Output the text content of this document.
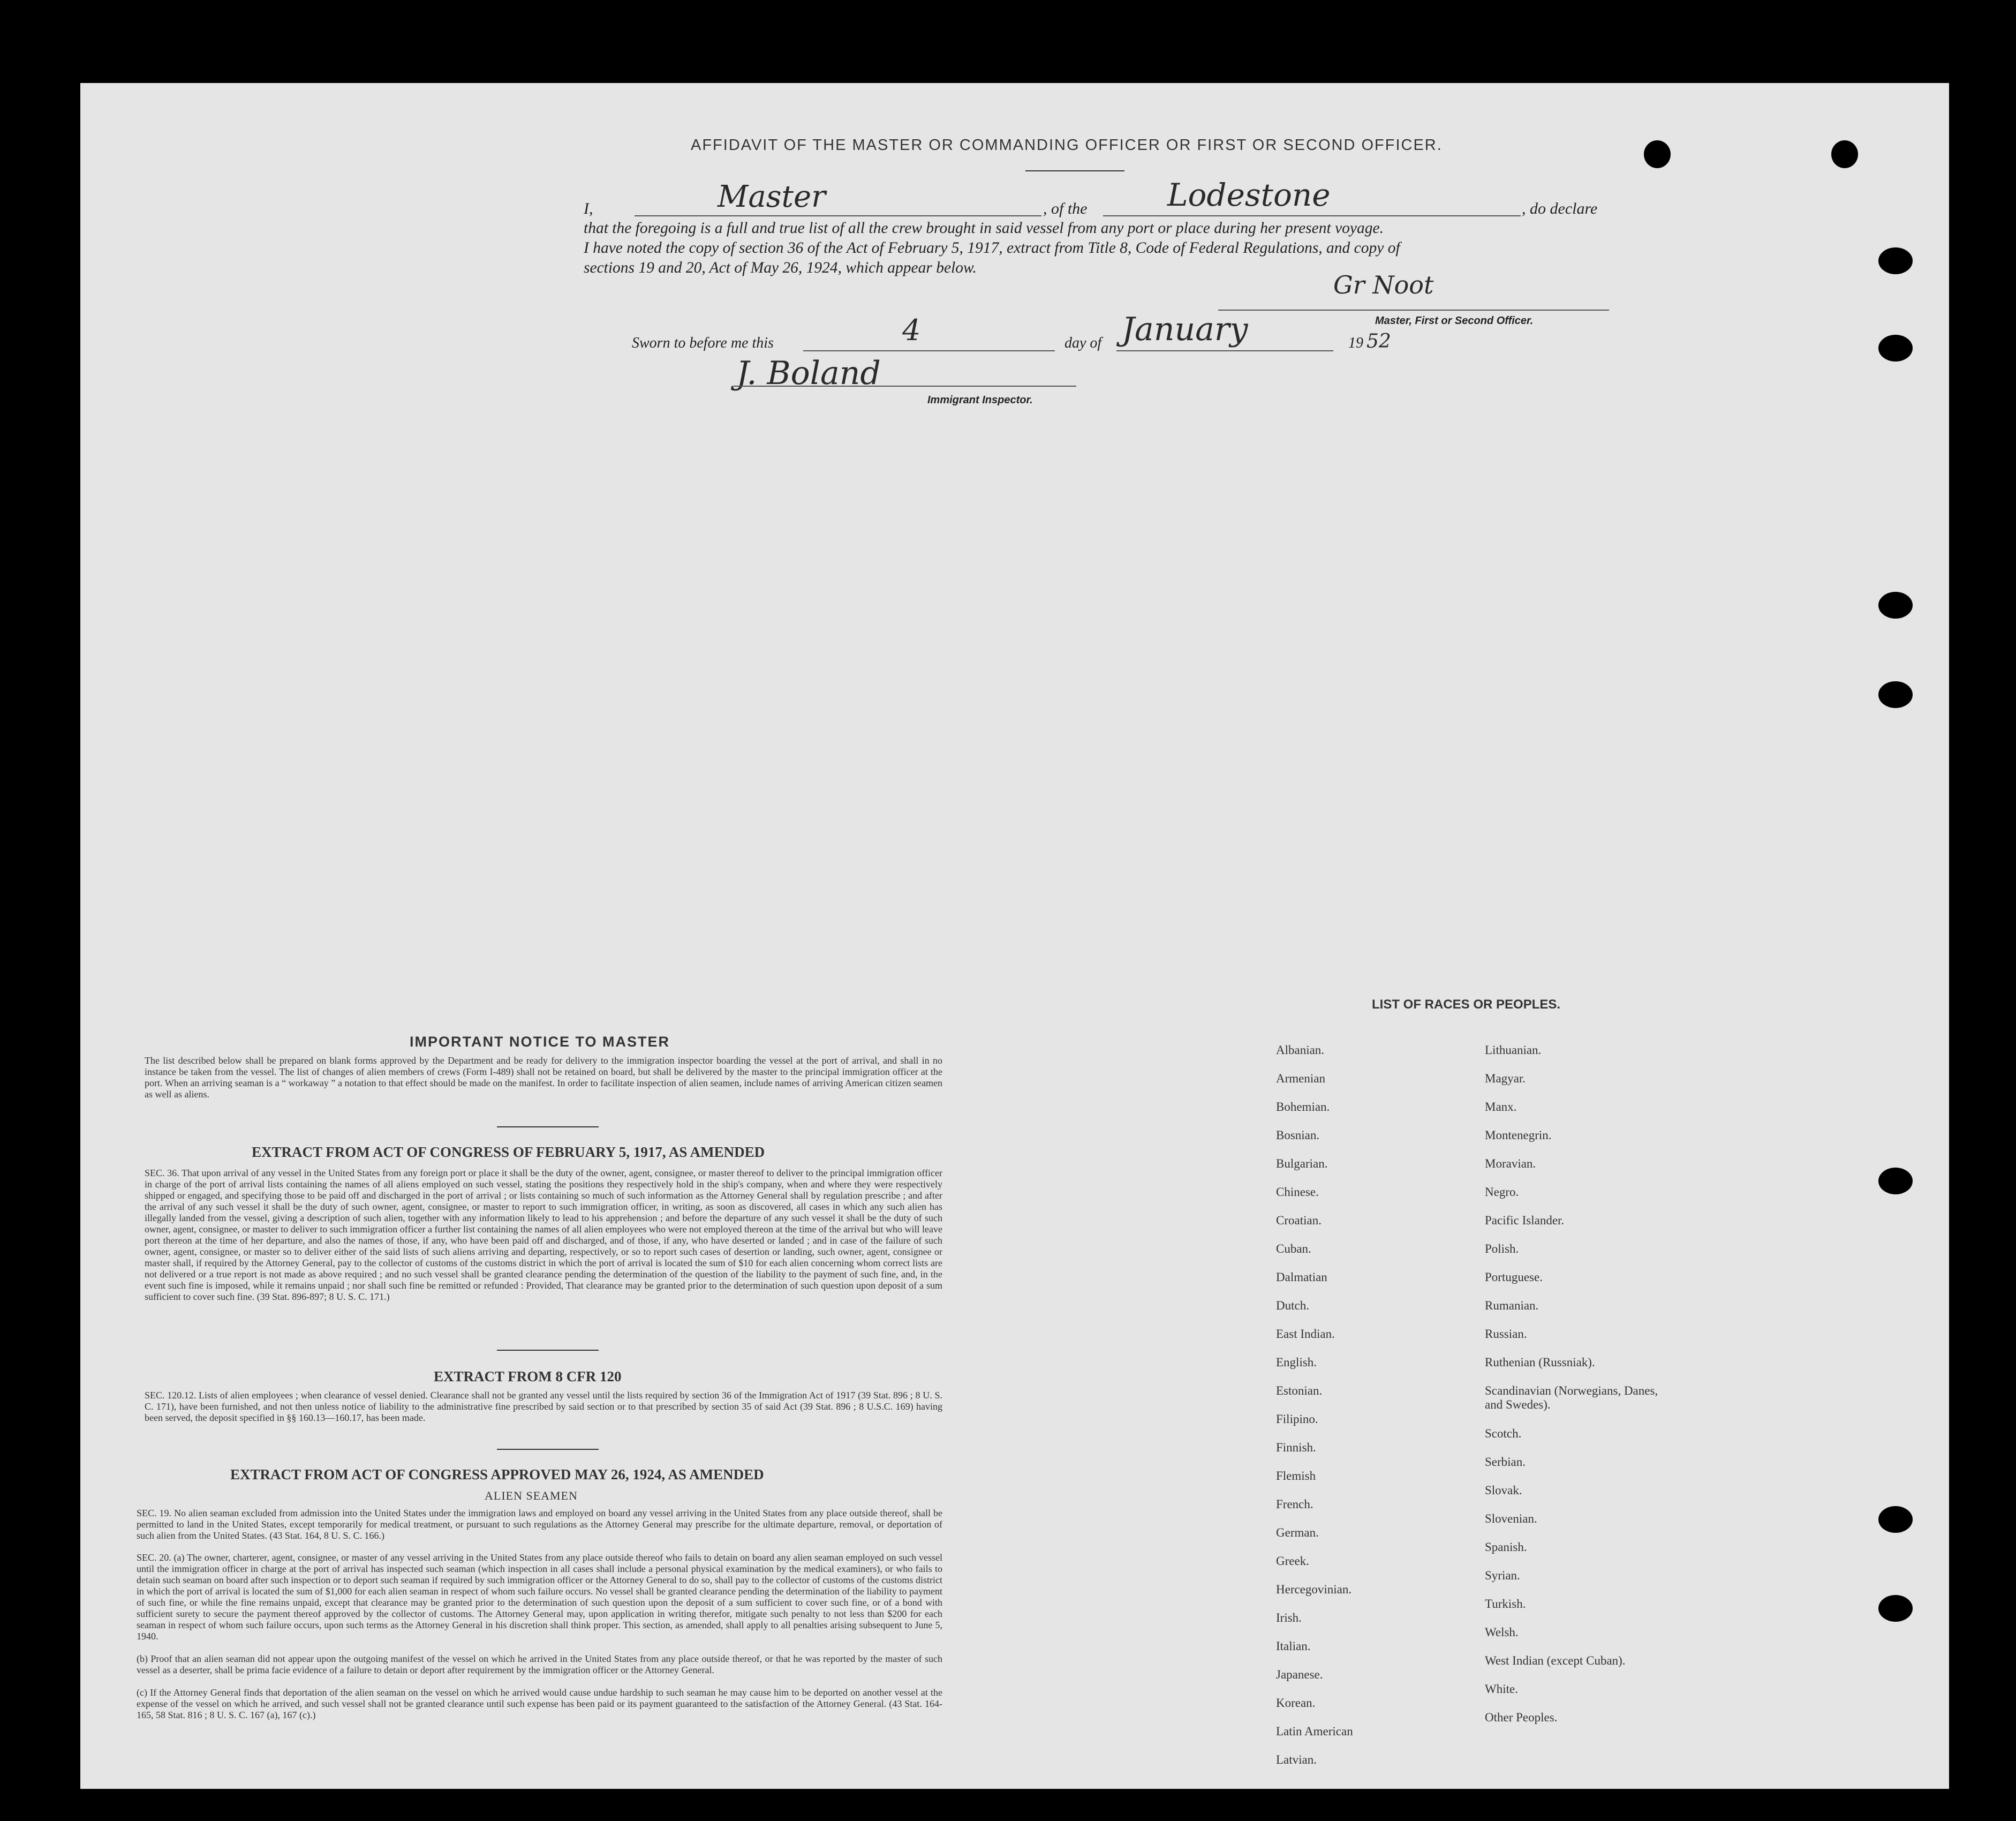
AFFIDAVIT OF THE MASTER OR COMMANDING OFFICER OR FIRST OR SECOND OFFICER.
I,	Master	, of the	Lodestone	, do declare
that the foregoing is a full and true list of all the crew brought in said vessel from any port or place during her present voyage.
I have noted the copy of section 36 of the Act of February 5, 1917, extract from Title 8, Code of Federal Regulations, and copy of
sections 19 and 20, Act of May 26, 1924, which appear below.
Gr Noot
Master, First or Second Officer.
Sworn to before me this	4	day of January	19 52
J. Boland
Immigrant Inspector.
IMPORTANT NOTICE TO MASTER
The list described below shall be prepared on blank forms approved by the Department and be ready for delivery to the immigration inspector boarding the vessel at the port of arrival, and shall in no instance be taken from the vessel. The list of changes of alien members of crews (Form I-489) shall not be retained on board, but shall be delivered by the master to the principal immigration officer at the port. When an arriving seaman is a “ workaway ” a notation to that effect should be made on the manifest. In order to facilitate inspection of alien seamen, include names of arriving American citizen seamen as well as aliens.
EXTRACT FROM ACT OF CONGRESS OF FEBRUARY 5, 1917, AS AMENDED
SEC. 36. That upon arrival of any vessel in the United States from any foreign port or place it shall be the duty of the owner, agent, consignee, or master thereof to deliver to the principal immigration officer in charge of the port of arrival lists containing the names of all aliens employed on such vessel, stating the positions they respectively hold in the ship's company, when and where they were respectively shipped or engaged, and specifying those to be paid off and discharged in the port of arrival ; or lists containing so much of such information as the Attorney General shall by regulation prescribe ; and after the arrival of any such vessel it shall be the duty of such owner, agent, consignee, or master to report to such immigration officer, in writing, as soon as discovered, all cases in which any such alien has illegally landed from the vessel, giving a description of such alien, together with any information likely to lead to his apprehension ; and before the departure of any such vessel it shall be the duty of such owner, agent, consignee, or master to deliver to such immigration officer a further list containing the names of all alien employees who were not employed thereon at the time of the arrival but who will leave port thereon at the time of her departure, and also the names of those, if any, who have been paid off and discharged, and of those, if any, who have deserted or landed ; and in case of the failure of such owner, agent, consignee, or master so to deliver either of the said lists of such aliens arriving and departing, respectively, or so to report such cases of desertion or landing, such owner, agent, consignee or master shall, if required by the Attorney General, pay to the collector of customs of the customs district in which the port of arrival is located the sum of $10 for each alien concerning whom correct lists are not delivered or a true report is not made as above required ; and no such vessel shall be granted clearance pending the determination of the question of the liability to the payment of such fine, and, in the event such fine is imposed, while it remains unpaid ; nor shall such fine be remitted or refunded : Provided, That clearance may be granted prior to the determination of such question upon deposit of a sum sufficient to cover such fine. (39 Stat. 896-897; 8 U. S. C. 171.)
EXTRACT FROM 8 CFR 120
SEC. 120.12. Lists of alien employees ; when clearance of vessel denied. Clearance shall not be granted any vessel until the lists required by section 36 of the Immigration Act of 1917 (39 Stat. 896 ; 8 U. S. C. 171), have been furnished, and not then unless notice of liability to the administrative fine prescribed by said section or to that prescribed by section 35 of said Act (39 Stat. 896 ; 8 U.S.C. 169) having been served, the deposit specified in §§ 160.13—160.17, has been made.
EXTRACT FROM ACT OF CONGRESS APPROVED MAY 26, 1924, AS AMENDED
ALIEN SEAMEN
SEC. 19. No alien seaman excluded from admission into the United States under the immigration laws and employed on board any vessel arriving in the United States from any place outside thereof, shall be permitted to land in the United States, except temporarily for medical treatment, or pursuant to such regulations as the Attorney General may prescribe for the ultimate departure, removal, or deportation of such alien from the United States. (43 Stat. 164, 8 U. S. C. 166.)
SEC. 20. (a) The owner, charterer, agent, consignee, or master of any vessel arriving in the United States from any place outside thereof who fails to detain on board any alien seaman employed on such vessel until the immigration officer in charge at the port of arrival has inspected such seaman (which inspection in all cases shall include a personal physical examination by the medical examiners), or who fails to detain such seaman on board after such inspection or to deport such seaman if required by such immigration officer or the Attorney General to do so, shall pay to the collector of customs of the customs district in which the port of arrival is located the sum of $1,000 for each alien seaman in respect of whom such failure occurs. No vessel shall be granted clearance pending the determination of the liability to payment of such fine, or while the fine remains unpaid, except that clearance may be granted prior to the determination of such question upon the deposit of a sum sufficient to cover such fine, or of a bond with sufficient surety to secure the payment thereof approved by the collector of customs. The Attorney General may, upon application in writing therefor, mitigate such penalty to not less than $200 for each seaman in respect of whom such failure occurs, upon such terms as the Attorney General in his discretion shall think proper. This section, as amended, shall apply to all penalties arising subsequent to June 5, 1940.
(b) Proof that an alien seaman did not appear upon the outgoing manifest of the vessel on which he arrived in the United States from any place outside thereof, or that he was reported by the master of such vessel as a deserter, shall be prima facie evidence of a failure to detain or deport after requirement by the immigration officer or the Attorney General.
(c) If the Attorney General finds that deportation of the alien seaman on the vessel on which he arrived would cause undue hardship to such seaman he may cause him to be deported on another vessel at the expense of the vessel on which he arrived, and such vessel shall not be granted clearance until such expense has been paid or its payment guaranteed to the satisfaction of the Attorney General. (43 Stat. 164-165, 58 Stat. 816 ; 8 U. S. C. 167 (a), 167 (c).)
LIST OF RACES OR PEOPLES.
Albanian.
Armenian
Bohemian.
Bosnian.
Bulgarian.
Chinese.
Croatian.
Cuban.
Dalmatian
Dutch.
East Indian.
English.
Estonian.
Filipino.
Finnish.
Flemish
French.
German.
Greek.
Hercegovinian.
Irish.
Italian.
Japanese.
Korean.
Latin American
Latvian.
Lithuanian.
Magyar.
Manx.
Montenegrin.
Moravian.
Negro.
Pacific Islander.
Polish.
Portuguese.
Rumanian.
Russian.
Ruthenian (Russniak).
Scandinavian (Norwegians, Danes, and Swedes).
Scotch.
Serbian.
Slovak.
Slovenian.
Spanish.
Syrian.
Turkish.
Welsh.
West Indian (except Cuban).
White.
Other Peoples.
